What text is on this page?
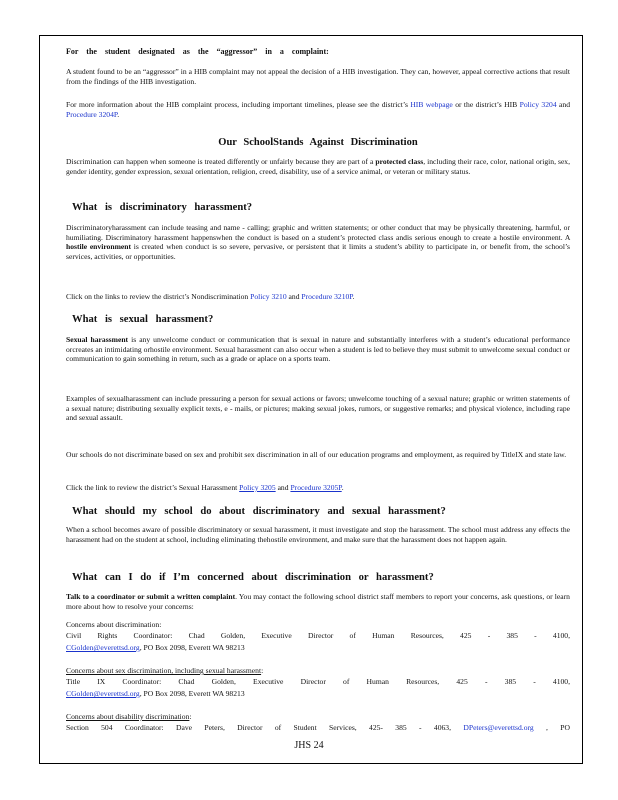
For the student designated as the “aggressor” in a complaint:

A student found to be an “aggressor” in a HIB complaint may not appeal the decision of a HIB investigation. They can, however, appeal corrective actions that result from the findings of the HIB investigation.

For more information about the HIB complaint process, including important timelines, please see the district’s HIB webpage or the district’s HIB Policy 3204 and Procedure 3204P.

Our SchoolStands Against Discrimination

Discrimination can happen when someone is treated differently or unfairly because they are part of a protected class, including their race, color, national origin, sex, gender identity, gender expression, sexual orientation, religion, creed, disability, use of a service animal, or veteran or military status.

What is discriminatory harassment?

Discriminatoryharassment can include teasing and name - calling; graphic and written statements; or other conduct that may be physically threatening, harmful, or humiliating. Discriminatory harassment happenswhen the conduct is based on a student’s protected class andis serious enough to create a hostile environment. A hostile environment is created when conduct is so severe, pervasive, or persistent that it limits a student’s ability to participate in, or benefit from, the school’s services, activities, or opportunities.

Click on the links to review the district’s Nondiscrimination Policy 3210 and Procedure 3210P.

What is sexual harassment?

Sexual harassment is any unwelcome conduct or communication that is sexual in nature and substantially interferes with a student’s educational performance orcreates an intimidating orhostile environment. Sexual harassment can also occur when a student is led to believe they must submit to unwelcome sexual conduct or communication to gain something in return, such as a grade or aplace on a sports team.

Examples of sexualharassment can include pressuring a person for sexual actions or favors; unwelcome touching of a sexual nature; graphic or written statements of a sexual nature; distributing sexually explicit texts, e - mails, or pictures; making sexual jokes, rumors, or suggestive remarks; and physical violence, including rape and sexual assault.

Our schools do not discriminate based on sex and prohibit sex discrimination in all of our education programs and employment, as required by TitleIX and state law.

Click the link to review the district’s Sexual Harassment Policy 3205 and Procedure 3205P.

What should my school do about discriminatory and sexual harassment?

When a school becomes aware of possible discriminatory or sexual harassment, it must investigate and stop the harassment. The school must address any effects the harassment had on the student at school, including eliminating thehostile environment, and make sure that the harassment does not happen again.

What can I do if I’m concerned about discrimination or harassment?

Talk to a coordinator or submit a written complaint. You may contact the following school district staff members to report your concerns, ask questions, or learn more about how to resolve your concerns:

Concerns about discrimination:
Civil Rights Coordinator: Chad Golden, Executive Director of Human Resources, 425 - 385 - 4100,
CGolden@everettsd.org, PO Box 2098, Everett WA 98213
Concerns about sex discrimination, including sexual harassment:
Title IX Coordinator: Chad Golden, Executive Director of Human Resources, 425 - 385 - 4100,
CGolden@everettsd.org, PO Box 2098, Everett WA 98213
Concerns about disability discrimination:
Section 504 Coordinator: Dave Peters, Director of Student Services, 425- 385 - 4063, DPeters@everettsd.org , PO
JHS 24
